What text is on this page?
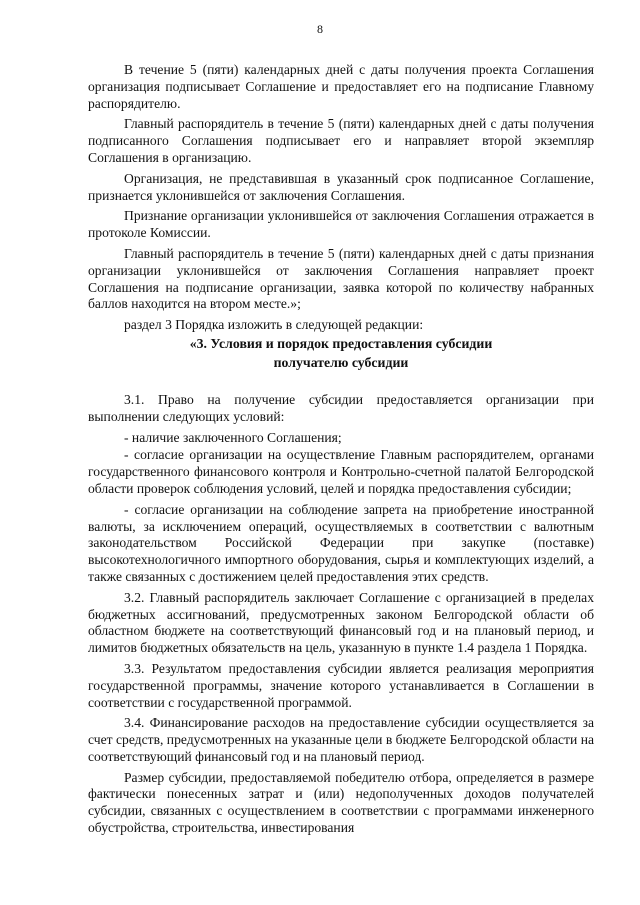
8

В течение 5 (пяти) календарных дней с даты получения проекта Соглашения организация подписывает Соглашение и предоставляет его на подписание Главному распорядителю.

Главный распорядитель в течение 5 (пяти) календарных дней с даты получения подписанного Соглашения подписывает его и направляет второй экземпляр Соглашения в организацию.

Организация, не представившая в указанный срок подписанное Соглашение, признается уклонившейся от заключения Соглашения.

Признание организации уклонившейся от заключения Соглашения отражается в протоколе Комиссии.

Главный распорядитель в течение 5 (пяти) календарных дней с даты признания организации уклонившейся от заключения Соглашения направляет проект Соглашения на подписание организации, заявка которой по количеству набранных баллов находится на втором месте.»;

раздел 3 Порядка изложить в следующей редакции:

«3. Условия и порядок предоставления субсидии
получателю субсидии

3.1. Право на получение субсидии предоставляется организации при выполнении следующих условий:

- наличие заключенного Соглашения;

- согласие организации на осуществление Главным распорядителем, органами государственного финансового контроля и Контрольно-счетной палатой Белгородской области проверок соблюдения условий, целей и порядка предоставления субсидии;

- согласие организации на соблюдение запрета на приобретение иностранной валюты, за исключением операций, осуществляемых в соответствии с валютным законодательством Российской Федерации при закупке (поставке) высокотехнологичного импортного оборудования, сырья и комплектующих изделий, а также связанных с достижением целей предоставления этих средств.

3.2. Главный распорядитель заключает Соглашение с организацией в пределах бюджетных ассигнований, предусмотренных законом Белгородской области об областном бюджете на соответствующий финансовый год и на плановый период, и лимитов бюджетных обязательств на цель, указанную в пункте 1.4 раздела 1 Порядка.

3.3. Результатом предоставления субсидии является реализация мероприятия государственной программы, значение которого устанавливается в Соглашении в соответствии с государственной программой.

3.4. Финансирование расходов на предоставление субсидии осуществляется за счет средств, предусмотренных на указанные цели в бюджете Белгородской области на соответствующий финансовый год и на плановый период.

Размер субсидии, предоставляемой победителю отбора, определяется в размере фактически понесенных затрат и (или) недополученных доходов получателей субсидии, связанных с осуществлением в соответствии с программами инженерного обустройства, строительства, инвестирования
